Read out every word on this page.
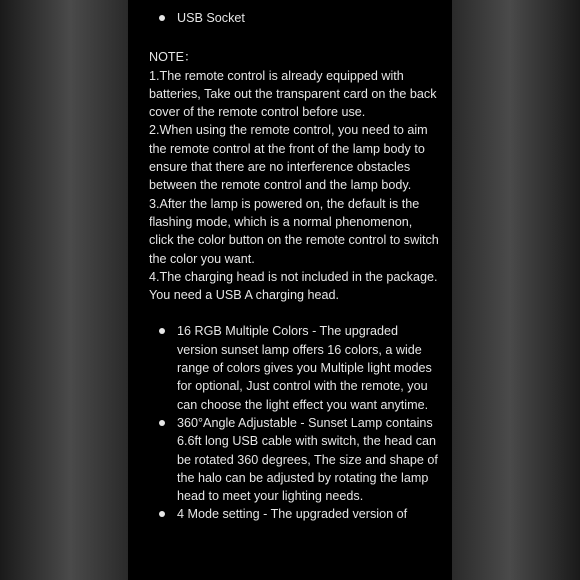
USB Socket

NOTE：

1.The remote control is already equipped with batteries, Take out the transparent card on the back cover of the remote control before use.

2.When using the remote control, you need to aim the remote control at the front of the lamp body to ensure that there are no interference obstacles between the remote control and the lamp body.

3.After the lamp is powered on, the default is the flashing mode, which is a normal phenomenon, click the color button on the remote control to switch the color you want.

4.The charging head is not included in the package. You need a USB A charging head.

16 RGB Multiple Colors - The upgraded version sunset lamp offers 16 colors, a wide range of colors gives you Multiple light modes for optional, Just control with the remote, you can choose the light effect you want anytime.
360°Angle Adjustable - Sunset Lamp contains 6.6ft long USB cable with switch, the head can be rotated 360 degrees, The size and shape of the halo can be adjusted by rotating the lamp head to meet your lighting needs.
4 Mode setting - The upgraded version of
